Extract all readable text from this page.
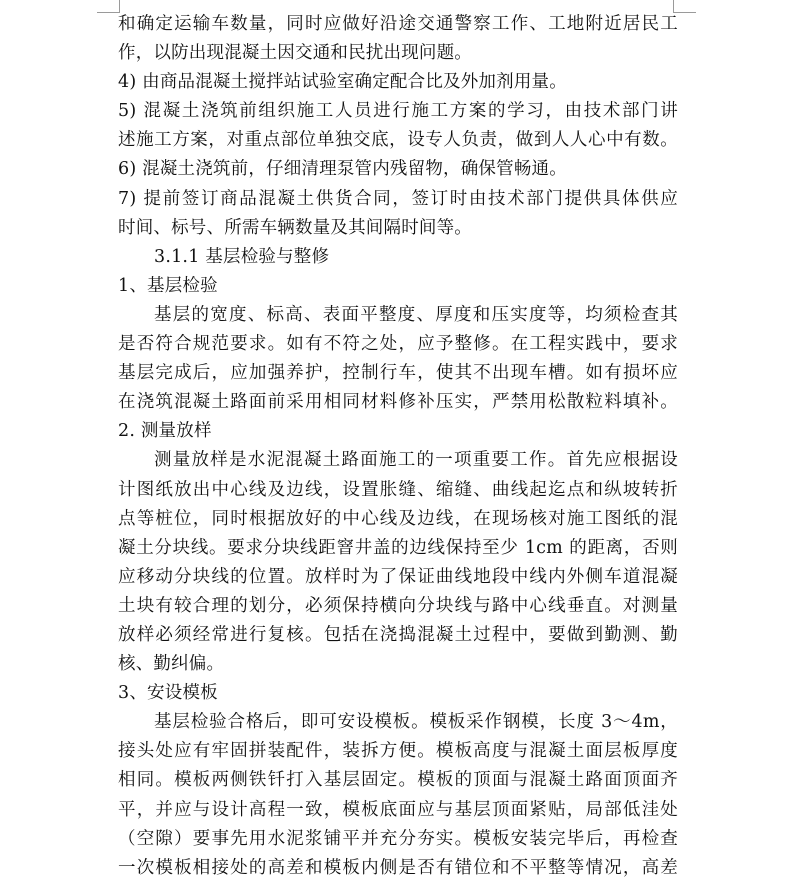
和确定运输车数量，同时应做好沿途交通警察工作、工地附近居民工
作，以防出现混凝土因交通和民扰出现问题。
4) 由商品混凝土搅拌站试验室确定配合比及外加剂用量。
5) 混凝土浇筑前组织施工人员进行施工方案的学习，由技术部门讲
述施工方案，对重点部位单独交底，设专人负责，做到人人心中有数。
6) 混凝土浇筑前，仔细清理泵管内残留物，确保管畅通。
7) 提前签订商品混凝土供货合同，签订时由技术部门提供具体供应
时间、标号、所需车辆数量及其间隔时间等。
3.1.1 基层检验与整修
1、基层检验
基层的宽度、标高、表面平整度、厚度和压实度等，均须检查其
是否符合规范要求。如有不符之处，应予整修。在工程实践中，要求
基层完成后，应加强养护，控制行车，使其不出现车槽。如有损坏应
在浇筑混凝土路面前采用相同材料修补压实，严禁用松散粒料填补。
2. 测量放样
测量放样是水泥混凝土路面施工的一项重要工作。首先应根据设
计图纸放出中心线及边线，设置胀缝、缩缝、曲线起迄点和纵坡转折
点等桩位，同时根据放好的中心线及边线，在现场核对施工图纸的混
凝土分块线。要求分块线距窨井盖的边线保持至少 1cm 的距离，否则
应移动分块线的位置。放样时为了保证曲线地段中线内外侧车道混凝
土块有较合理的划分，必须保持横向分块线与路中心线垂直。对测量
放样必须经常进行复核。包括在浇捣混凝土过程中，要做到勤测、勤
核、勤纠偏。
3、安设模板
基层检验合格后，即可安设模板。模板采作钢模，长度 3～4m，
接头处应有牢固拼装配件，装拆方便。模板高度与混凝土面层板厚度
相同。模板两侧铁钎打入基层固定。模板的顶面与混凝土路面顶面齐
平，并应与设计高程一致，模板底面应与基层顶面紧贴，局部低洼处
（空隙）要事先用水泥浆铺平并充分夯实。模板安装完毕后，再检查
一次模板相接处的高差和模板内侧是否有错位和不平整等情况，高差
